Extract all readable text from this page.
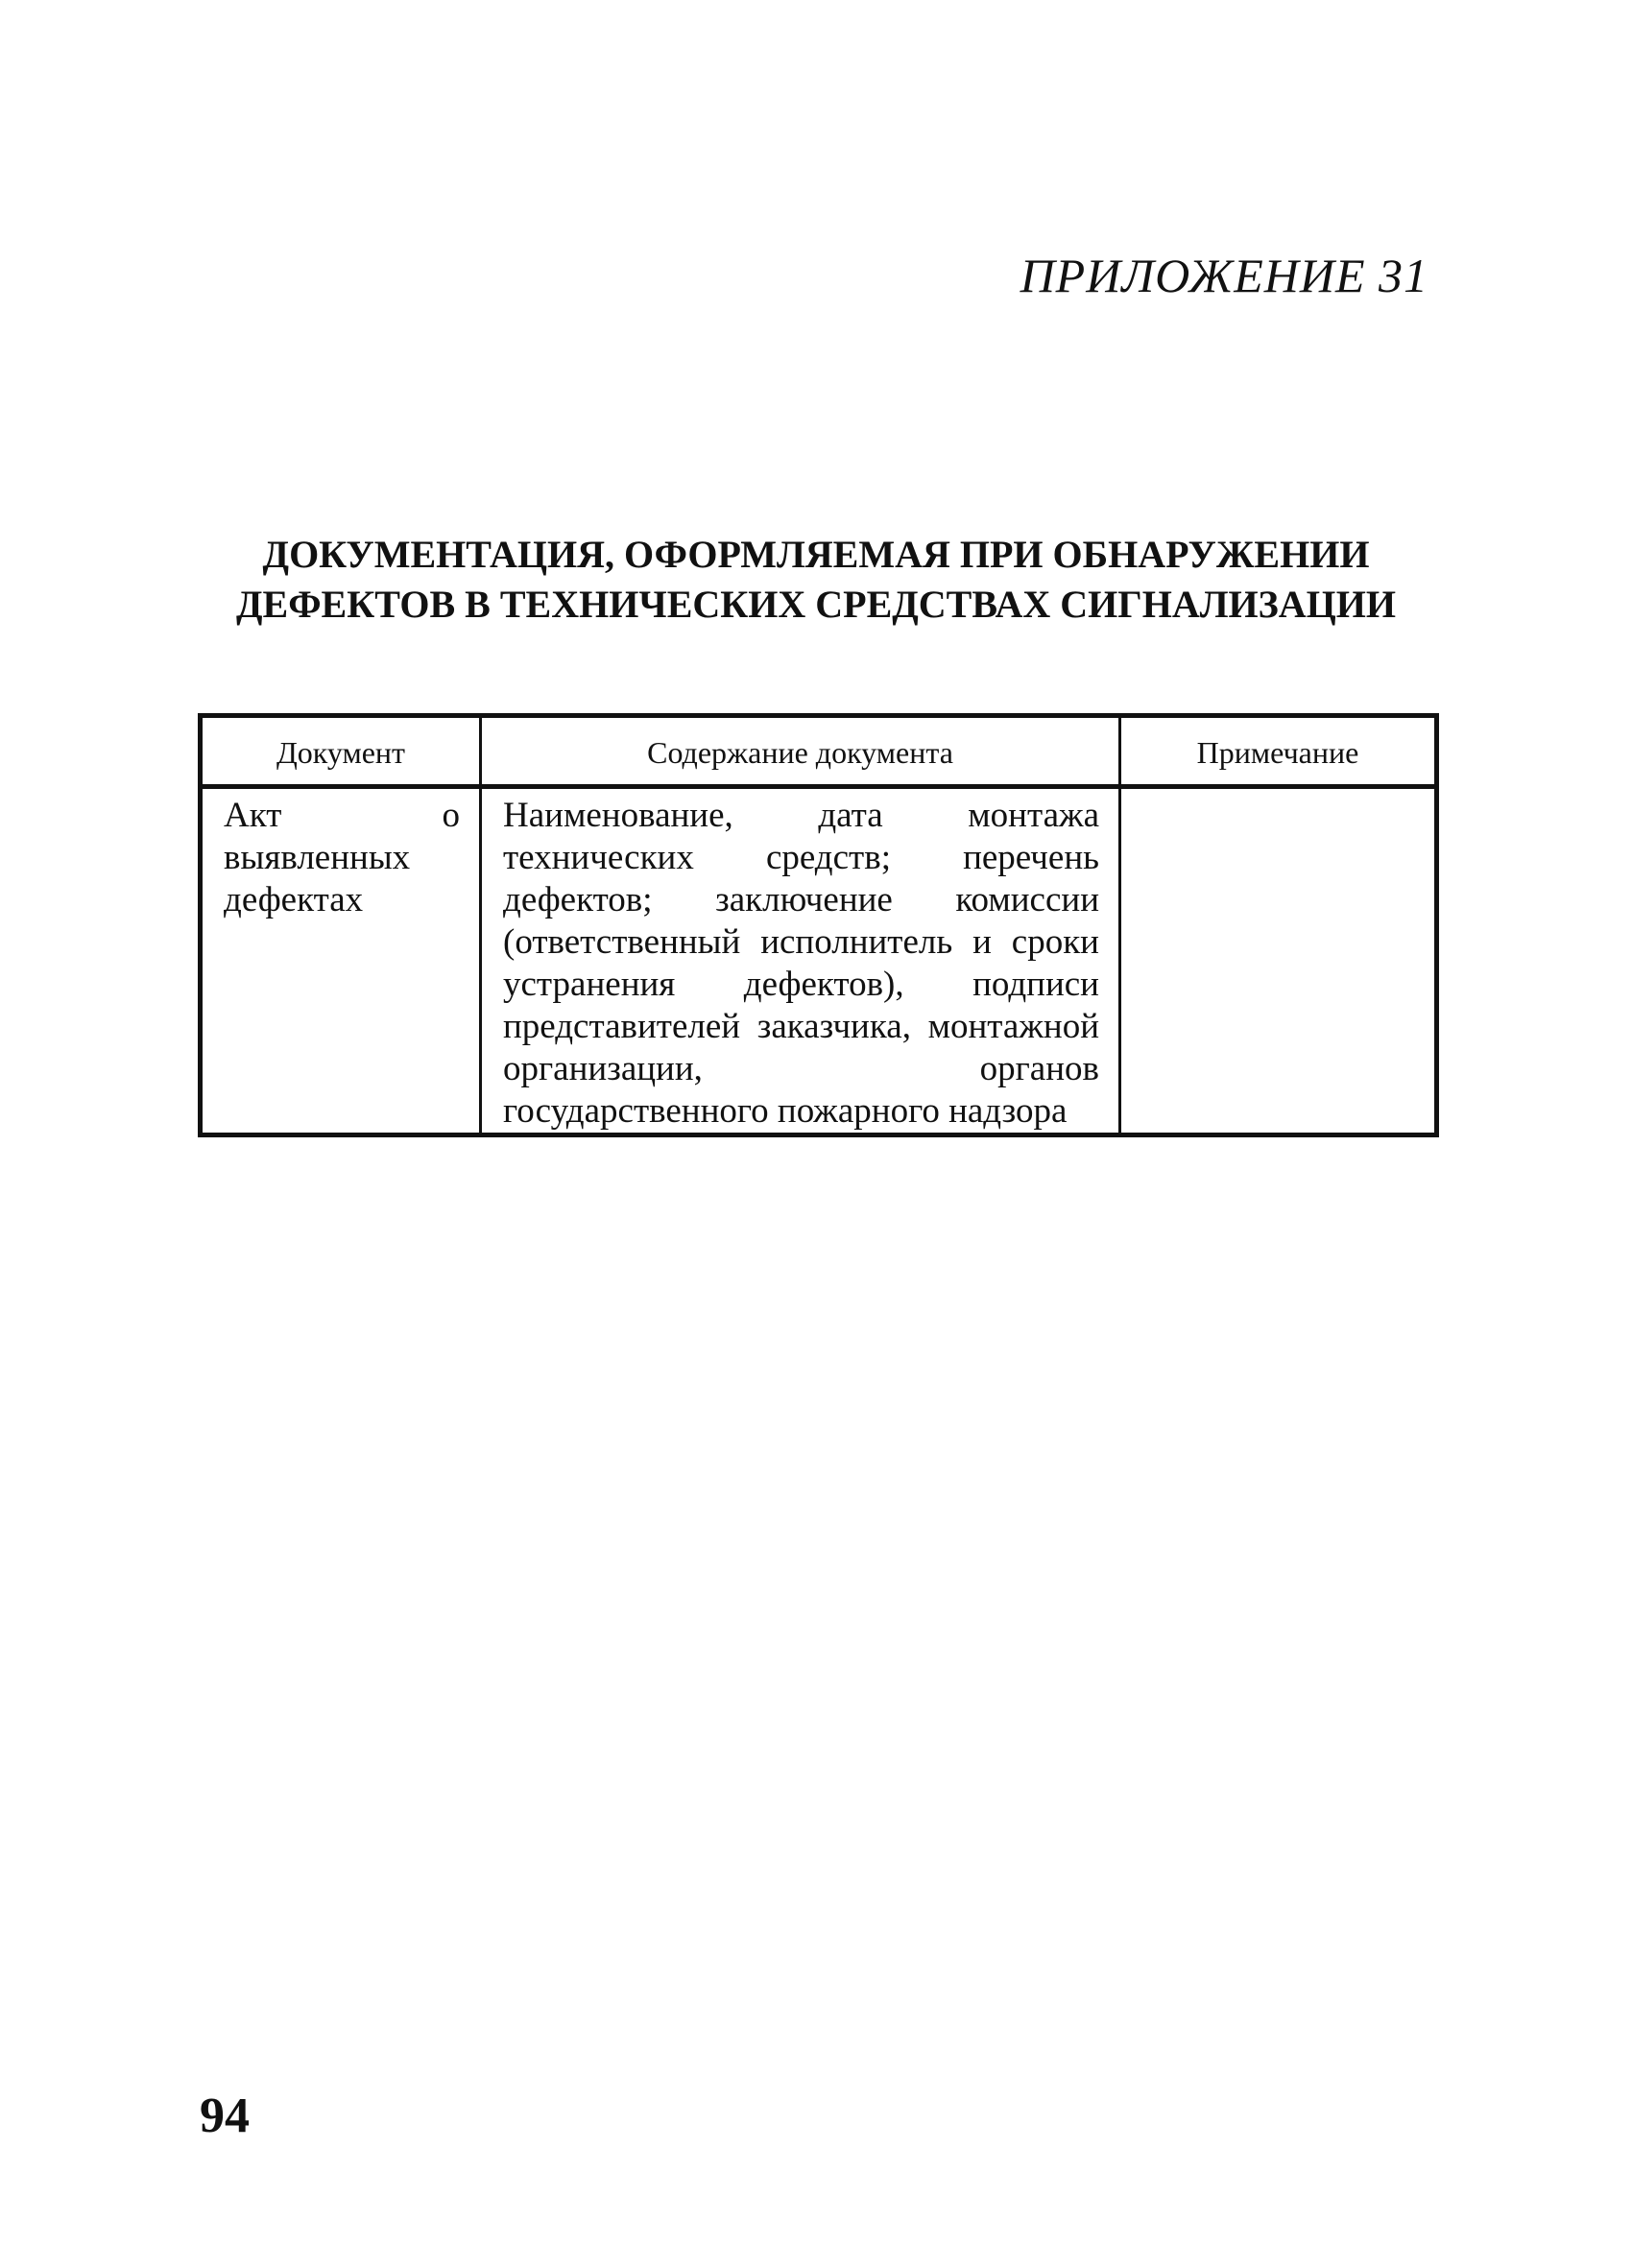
ПРИЛОЖЕНИЕ 31
ДОКУМЕНТАЦИЯ, ОФОРМЛЯЕМАЯ ПРИ ОБНАРУЖЕНИИ
ДЕФЕКТОВ В ТЕХНИЧЕСКИХ СРЕДСТВАХ СИГНАЛИЗАЦИИ
Документ	Содержание документа	Примечание
Акт о выявленных дефектах	Наименование, дата монтажа технических средств; перечень дефектов; заключение комиссии (ответственный исполнитель и сроки устранения дефектов), подписи представителей заказчика, монтажной организации, органов государственного пожарного надзора	
94
